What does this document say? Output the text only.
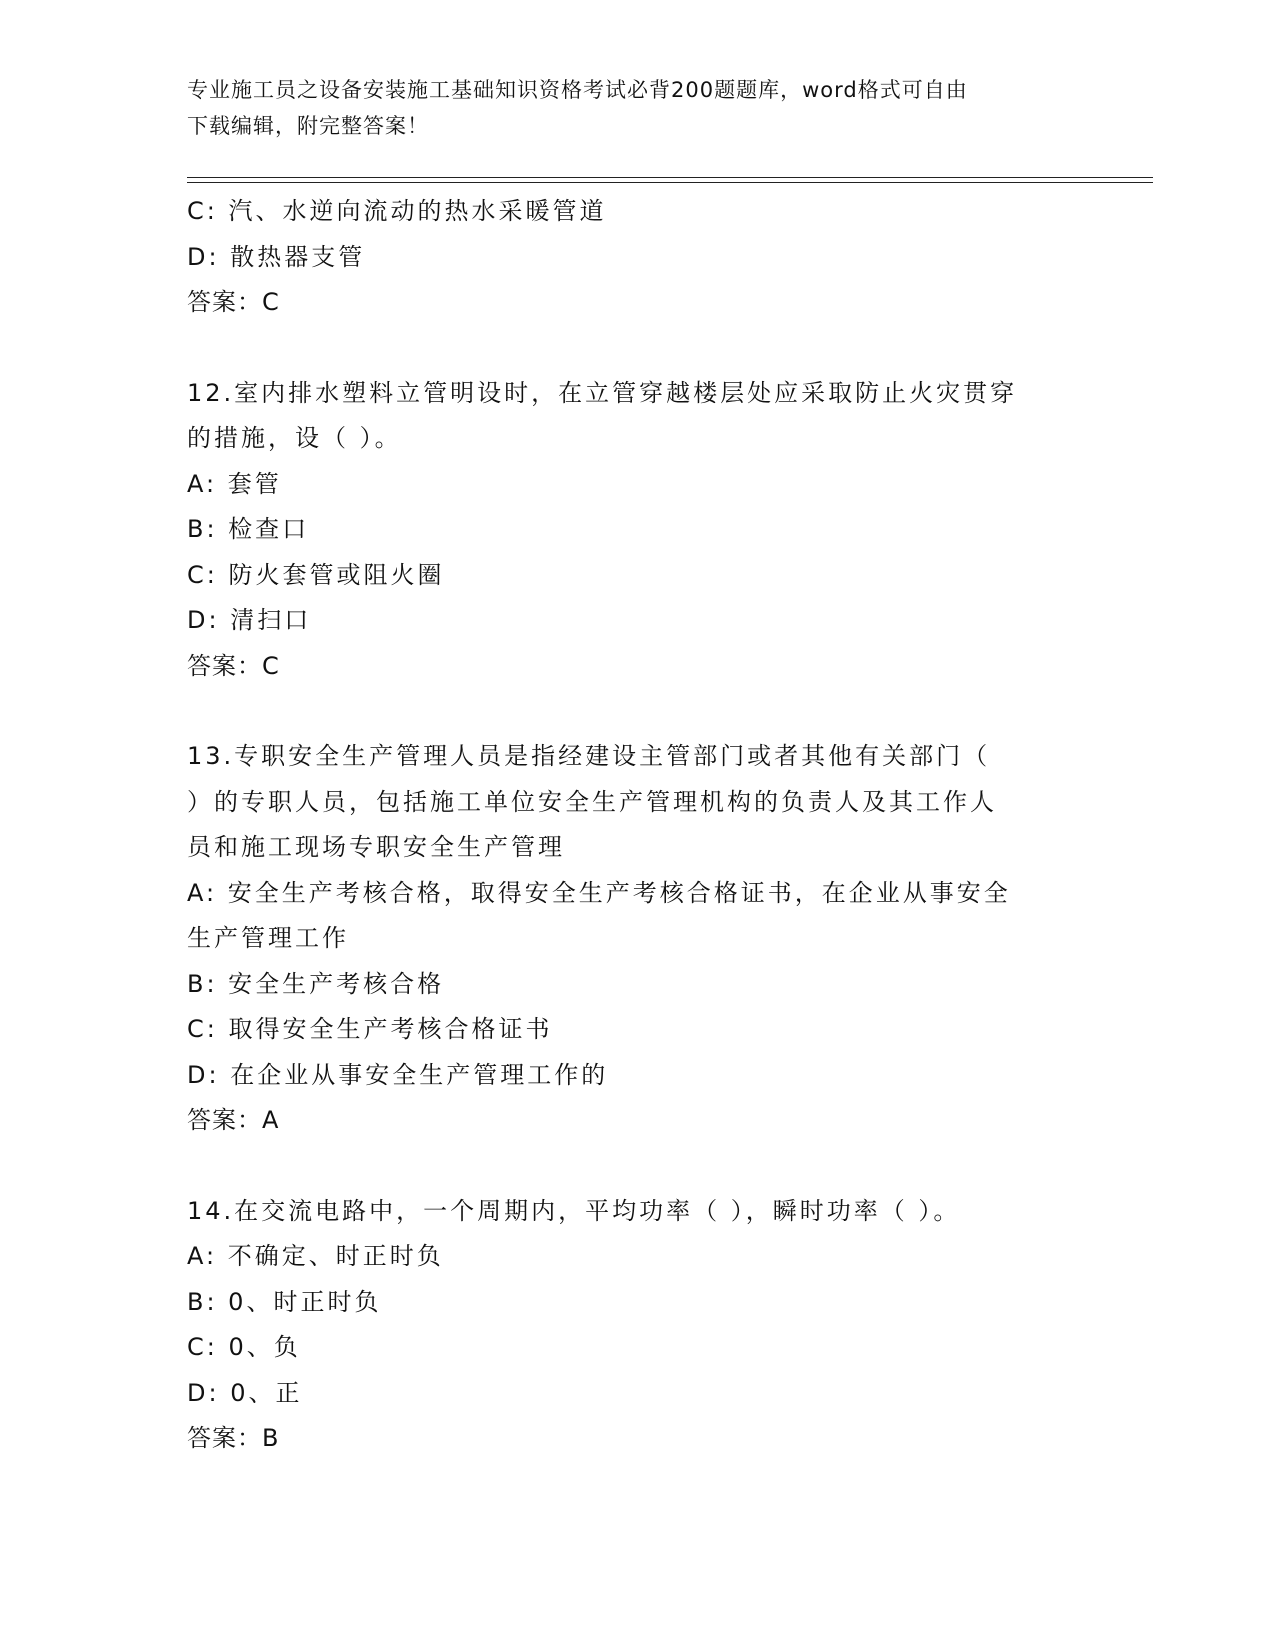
专业施工员之设备安装施工基础知识资格考试必背200题题库，word格式可自由
下载编辑，附完整答案！
C: 汽、水逆向流动的热水采暖管道
D: 散热器支管
答案：C
12.室内排水塑料立管明设时，在立管穿越楼层处应采取防止火灾贯穿
的措施，设（ ）。
A: 套管
B: 检查口
C: 防火套管或阻火圈
D: 清扫口
答案：C
13.专职安全生产管理人员是指经建设主管部门或者其他有关部门（
）的专职人员，包括施工单位安全生产管理机构的负责人及其工作人
员和施工现场专职安全生产管理
A: 安全生产考核合格，取得安全生产考核合格证书，在企业从事安全
生产管理工作
B: 安全生产考核合格
C: 取得安全生产考核合格证书
D: 在企业从事安全生产管理工作的
答案：A
14.在交流电路中，一个周期内，平均功率（ ），瞬时功率（ ）。
A: 不确定、时正时负
B: 0、时正时负
C: 0、负
D: 0、正
答案：B
